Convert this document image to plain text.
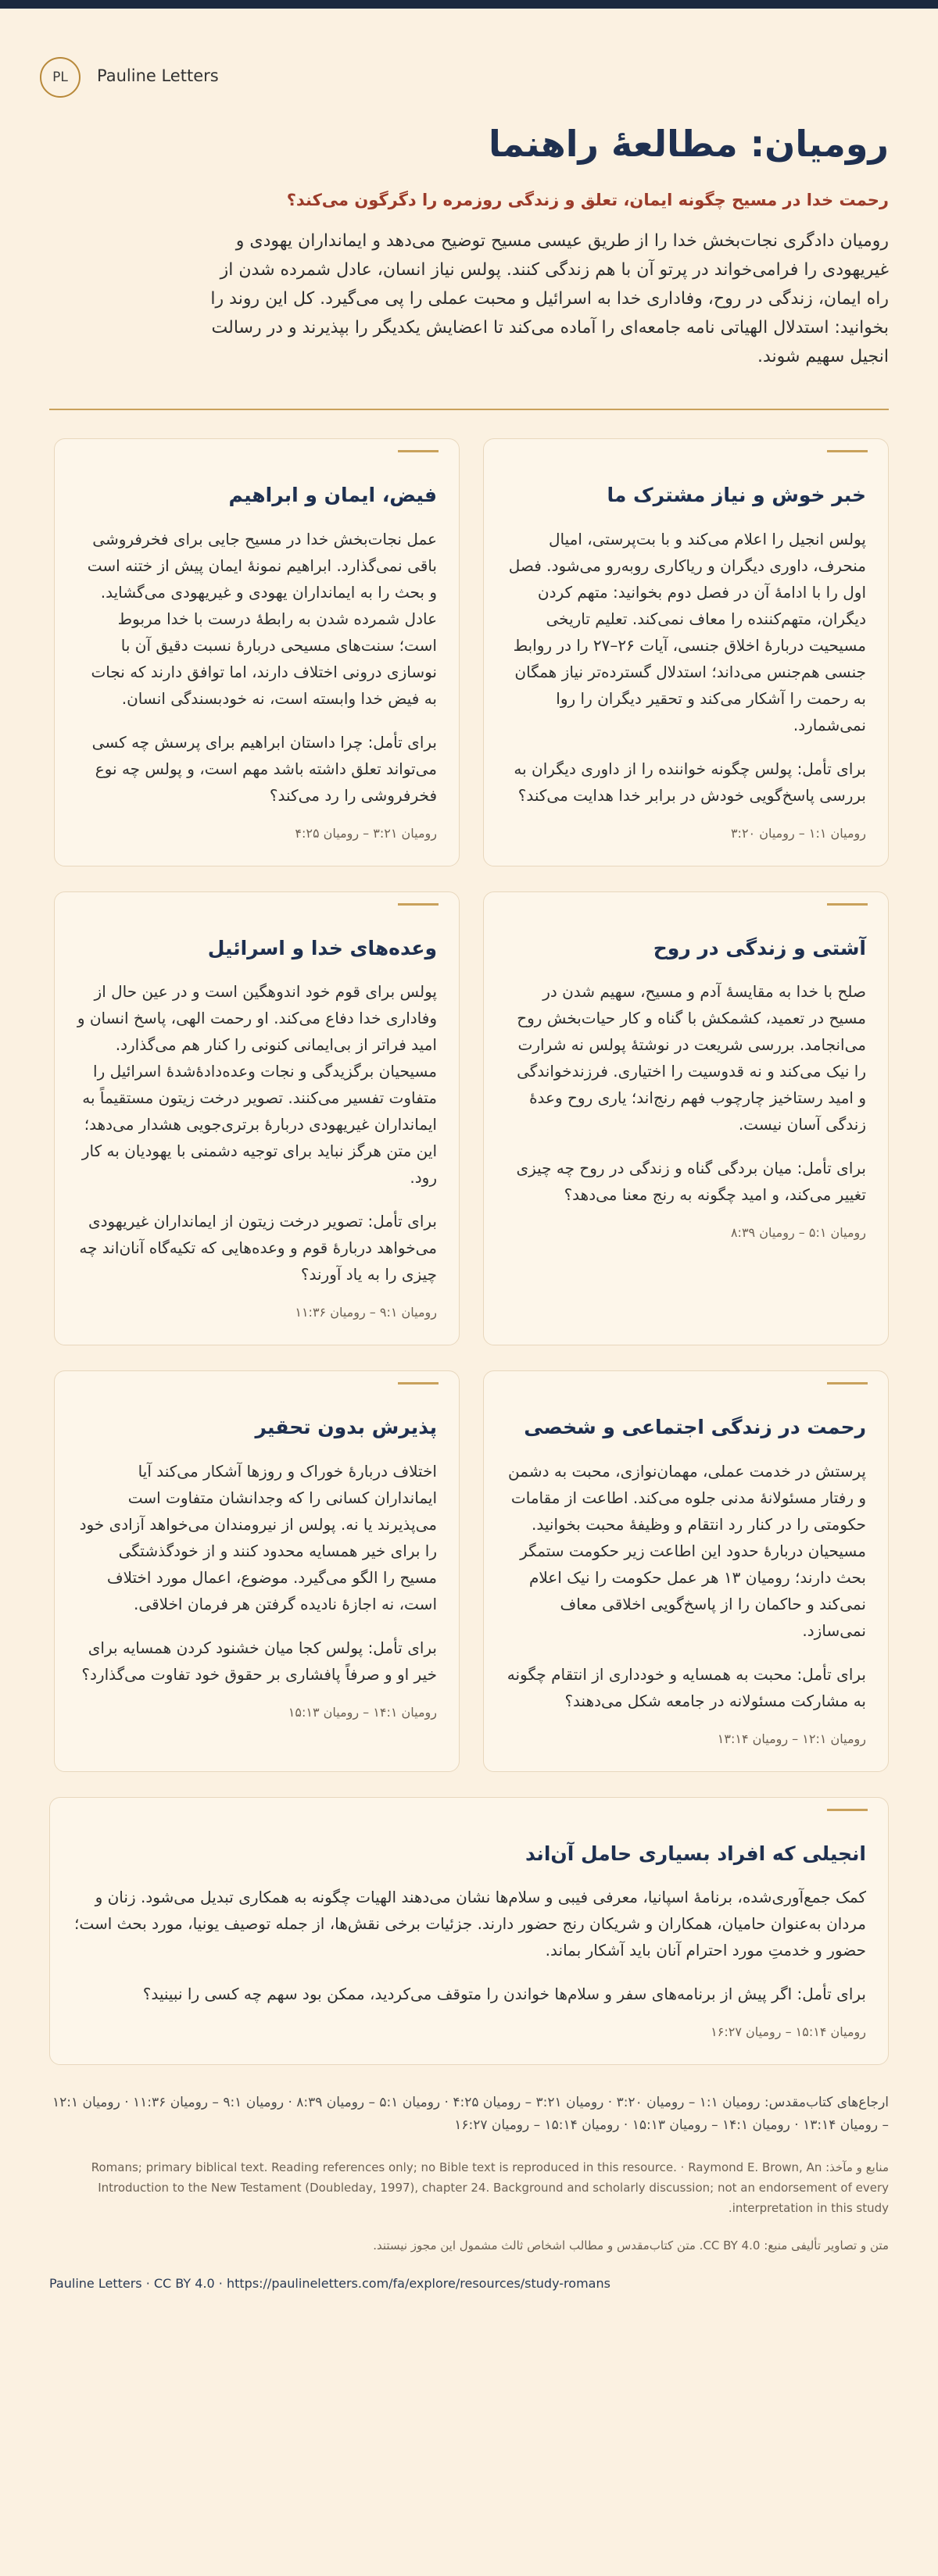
PL	Pauline Letters
رومیان: مطالعهٔ راهنما
رحمت خدا در مسیح چگونه ایمان، تعلق و زندگی روزمره را دگرگون می‌کند؟

رومیان دادگری نجات‌بخش خدا را از طریق عیسی مسیح توضیح می‌دهد و ایمانداران یهودی و غیریهودی را فرامی‌خواند در پرتو آن با هم زندگی کنند. پولس نیاز انسان، عادل شمرده شدن از راه ایمان، زندگی در روح، وفاداری خدا به اسرائیل و محبت عملی را پی می‌گیرد. کل این روند را بخوانید: استدلال الهیاتی نامه جامعه‌ای را آماده می‌کند تا اعضایش یکدیگر را بپذیرند و در رسالت انجیل سهیم شوند.

خبر خوش و نیاز مشترک ما

پولس انجیل را اعلام می‌کند و با بت‌پرستی، امیال منحرف، داوری دیگران و ریاکاری روبه‌رو می‌شود. فصل اول را با ادامهٔ آن در فصل دوم بخوانید: متهم کردن دیگران، متهم‌کننده را معاف نمی‌کند. تعلیم تاریخی مسیحیت دربارهٔ اخلاق جنسی، آیات ۲۶–۲۷ را در روابط جنسی هم‌جنس می‌داند؛ استدلال گسترده‌تر نیاز همگان به رحمت را آشکار می‌کند و تحقیر دیگران را روا نمی‌شمارد.

برای تأمل: پولس چگونه خواننده را از داوری دیگران به بررسی پاسخ‌گویی خودش در برابر خدا هدایت می‌کند؟

رومیان ۱:۱ – رومیان ۳:۲۰
فیض، ایمان و ابراهیم

عمل نجات‌بخش خدا در مسیح جایی برای فخرفروشی باقی نمی‌گذارد. ابراهیم نمونهٔ ایمان پیش از ختنه است و بحث را به ایمانداران یهودی و غیریهودی می‌گشاید. عادل شمرده شدن به رابطهٔ درست با خدا مربوط است؛ سنت‌های مسیحی دربارهٔ نسبت دقیق آن با نوسازی درونی اختلاف دارند، اما توافق دارند که نجات به فیض خدا وابسته است، نه خودبسندگی انسان.

برای تأمل: چرا داستان ابراهیم برای پرسش چه کسی می‌تواند تعلق داشته باشد مهم است، و پولس چه نوع فخرفروشی را رد می‌کند؟

رومیان ۳:۲۱ – رومیان ۴:۲۵
آشتی و زندگی در روح

صلح با خدا به مقایسهٔ آدم و مسیح، سهیم شدن در مسیح در تعمید، کشمکش با گناه و کار حیات‌بخش روح می‌انجامد. بررسی شریعت در نوشتهٔ پولس نه شرارت را نیک می‌کند و نه قدوسیت را اختیاری. فرزندخواندگی و امید رستاخیز چارچوب فهم رنج‌اند؛ یاری روح وعدهٔ زندگی آسان نیست.

برای تأمل: میان بردگی گناه و زندگی در روح چه چیزی تغییر می‌کند، و امید چگونه به رنج معنا می‌دهد؟

رومیان ۵:۱ – رومیان ۸:۳۹
وعده‌های خدا و اسرائیل

پولس برای قوم خود اندوهگین است و در عین حال از وفاداری خدا دفاع می‌کند. او رحمت الهی، پاسخ انسان و امید فراتر از بی‌ایمانی کنونی را کنار هم می‌گذارد. مسیحیان برگزیدگی و نجات وعده‌دادهٔ‌شدهٔ اسرائیل را متفاوت تفسیر می‌کنند. تصویر درخت زیتون مستقیماً به ایمانداران غیریهودی دربارهٔ برتری‌جویی هشدار می‌دهد؛ این متن هرگز نباید برای توجیه دشمنی با یهودیان به کار رود.

برای تأمل: تصویر درخت زیتون از ایمانداران غیریهودی می‌خواهد دربارهٔ قوم و وعده‌هایی که تکیه‌گاه آنان‌اند چه چیزی را به یاد آورند؟

رومیان ۹:۱ – رومیان ۱۱:۳۶
رحمت در زندگی اجتماعی و شخصی

پرستش در خدمت عملی، مهمان‌نوازی، محبت به دشمن و رفتار مسئولانهٔ مدنی جلوه می‌کند. اطاعت از مقامات حکومتی را در کنار رد انتقام و وظیفهٔ محبت بخوانید. مسیحیان دربارهٔ حدود این اطاعت زیر حکومت ستمگر بحث دارند؛ رومیان ۱۳ هر عمل حکومت را نیک اعلام نمی‌کند و حاکمان را از پاسخ‌گویی اخلاقی معاف نمی‌سازد.

برای تأمل: محبت به همسایه و خودداری از انتقام چگونه به مشارکت مسئولانه در جامعه شکل می‌دهند؟

رومیان ۱۲:۱ – رومیان ۱۳:۱۴
پذیرش بدون تحقیر

اختلاف دربارهٔ خوراک و روزها آشکار می‌کند آیا ایمانداران کسانی را که وجدانشان متفاوت است می‌پذیرند یا نه. پولس از نیرومندان می‌خواهد آزادی خود را برای خیر همسایه محدود کنند و از خودگذشتگی مسیح را الگو می‌گیرد. موضوع، اعمال مورد اختلاف است، نه اجازهٔ نادیده گرفتن هر فرمان اخلاقی.

برای تأمل: پولس کجا میان خشنود کردن همسایه برای خیر او و صرفاً پافشاری بر حقوق خود تفاوت می‌گذارد؟

رومیان ۱۴:۱ – رومیان ۱۵:۱۳
انجیلی که افراد بسیاری حامل آن‌اند

کمک جمع‌آوری‌شده، برنامهٔ اسپانیا، معرفی فیبی و سلام‌ها نشان می‌دهند الهیات چگونه به همکاری تبدیل می‌شود. زنان و مردان به‌عنوان حامیان، همکاران و شریکان رنج حضور دارند. جزئیات برخی نقش‌ها، از جمله توصیف یونیا، مورد بحث است؛ حضور و خدمتِ مورد احترام آنان باید آشکار بماند.

برای تأمل: اگر پیش از برنامه‌های سفر و سلام‌ها خواندن را متوقف می‌کردید، ممکن بود سهم چه کسی را نبینید؟

رومیان ۱۵:۱۴ – رومیان ۱۶:۲۷
ارجاع‌های کتاب‌مقدس: رومیان ۱:۱ – رومیان ۳:۲۰ · رومیان ۳:۲۱ – رومیان ۴:۲۵ · رومیان ۵:۱ – رومیان ۸:۳۹ · رومیان ۹:۱ – رومیان ۱۱:۳۶ · رومیان ۱۲:۱ – رومیان ۱۳:۱۴ · رومیان ۱۴:۱ – رومیان ۱۵:۱۳ · رومیان ۱۵:۱۴ – رومیان ۱۶:۲۷
منابع و مآخذ: Romans; primary biblical text. Reading references only; no Bible text is reproduced in this resource. · Raymond E. Brown, An Introduction to the New Testament (Doubleday, 1997), chapter 24. Background and scholarly discussion; not an endorsement of every interpretation in this study.
متن و تصاویر تألیفی منبع: CC BY 4.0. متن کتاب‌مقدس و مطالب اشخاص ثالث مشمول این مجوز نیستند.
Pauline Letters · CC BY 4.0 · https://paulineletters.com/fa/explore/resources/study-romans
